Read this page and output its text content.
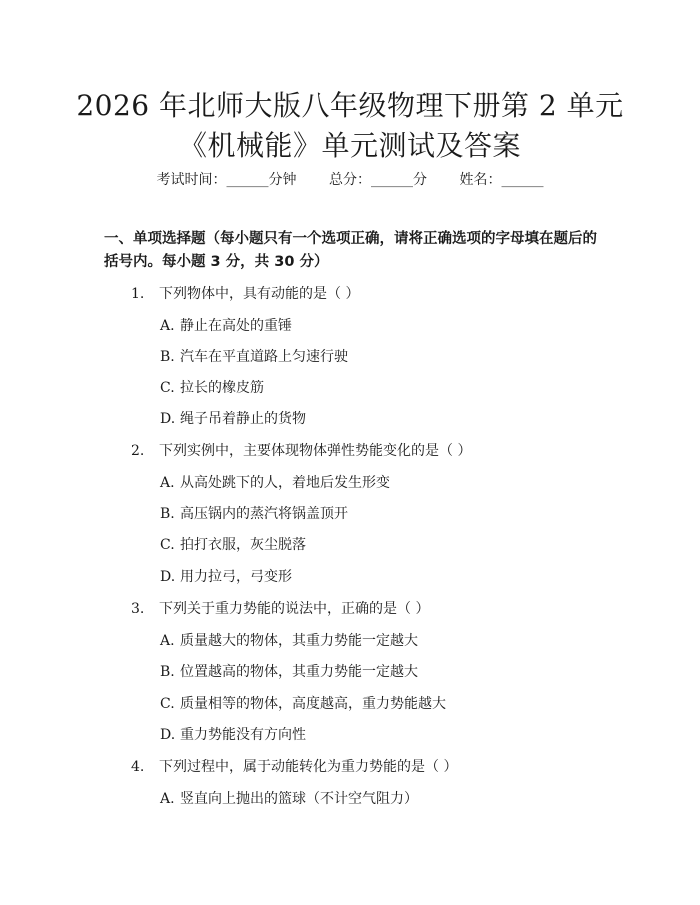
2026 年北师大版八年级物理下册第 2 单元
《机械能》单元测试及答案
考试时间：______分钟 总分：______分 姓名：______
一、单项选择题（每小题只有一个选项正确，请将正确选项的字母填在题后的括号内。每小题 3 分，共 30 分）
1. 下列物体中，具有动能的是（ ）
A. 静止在高处的重锤
B. 汽车在平直道路上匀速行驶
C. 拉长的橡皮筋
D. 绳子吊着静止的货物
2. 下列实例中，主要体现物体弹性势能变化的是（ ）
A. 从高处跳下的人，着地后发生形变
B. 高压锅内的蒸汽将锅盖顶开
C. 拍打衣服，灰尘脱落
D. 用力拉弓，弓变形
3. 下列关于重力势能的说法中，正确的是（ ）
A. 质量越大的物体，其重力势能一定越大
B. 位置越高的物体，其重力势能一定越大
C. 质量相等的物体，高度越高，重力势能越大
D. 重力势能没有方向性
4. 下列过程中，属于动能转化为重力势能的是（ ）
A. 竖直向上抛出的篮球（不计空气阻力）
